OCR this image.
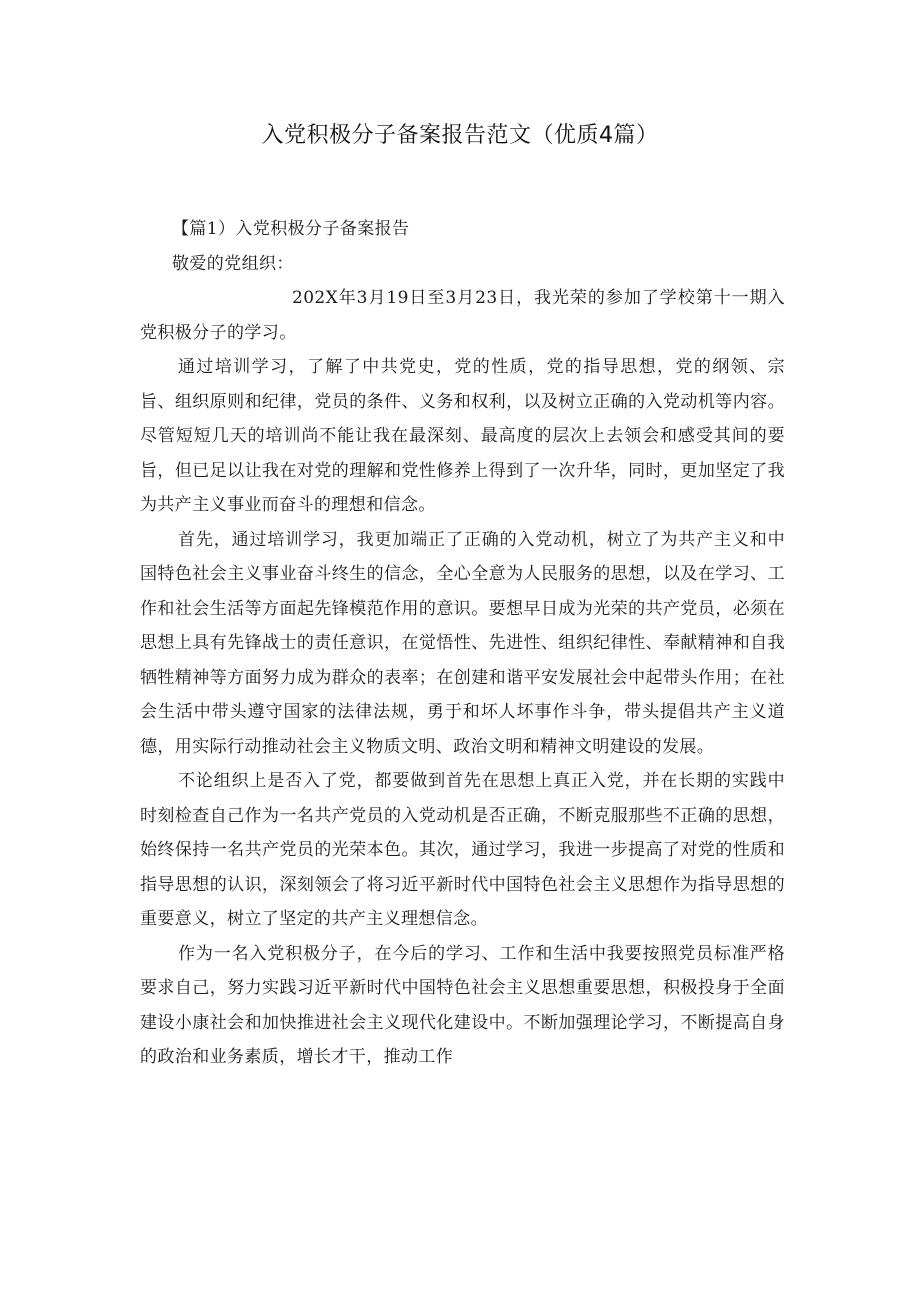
入党积极分子备案报告范文（优质4篇）

【篇1）入党积极分子备案报告

敬爱的党组织：

202X年3月19日至3月23日，我光荣的参加了学校第十一期入党积极分子的学习。

通过培训学习，了解了中共党史，党的性质，党的指导思想，党的纲领、宗旨、组织原则和纪律，党员的条件、义务和权利，以及树立正确的入党动机等内容。尽管短短几天的培训尚不能让我在最深刻、最高度的层次上去领会和感受其间的要旨，但已足以让我在对党的理解和党性修养上得到了一次升华，同时，更加坚定了我为共产主义事业而奋斗的理想和信念。

首先，通过培训学习，我更加端正了正确的入党动机，树立了为共产主义和中国特色社会主义事业奋斗终生的信念，全心全意为人民服务的思想，以及在学习、工作和社会生活等方面起先锋模范作用的意识。要想早日成为光荣的共产党员，必须在思想上具有先锋战士的责任意识，在觉悟性、先进性、组织纪律性、奉献精神和自我牺牲精神等方面努力成为群众的表率；在创建和谐平安发展社会中起带头作用；在社会生活中带头遵守国家的法律法规，勇于和坏人坏事作斗争，带头提倡共产主义道德，用实际行动推动社会主义物质文明、政治文明和精神文明建设的发展。

不论组织上是否入了党，都要做到首先在思想上真正入党，并在长期的实践中时刻检查自己作为一名共产党员的入党动机是否正确，不断克服那些不正确的思想，始终保持一名共产党员的光荣本色。其次，通过学习，我进一步提高了对党的性质和指导思想的认识，深刻领会了将习近平新时代中国特色社会主义思想作为指导思想的重要意义，树立了坚定的共产主义理想信念。

作为一名入党积极分子，在今后的学习、工作和生活中我要按照党员标准严格要求自己，努力实践习近平新时代中国特色社会主义思想重要思想，积极投身于全面建设小康社会和加快推进社会主义现代化建设中。不断加强理论学习，不断提高自身的政治和业务素质，增长才干，推动工作
